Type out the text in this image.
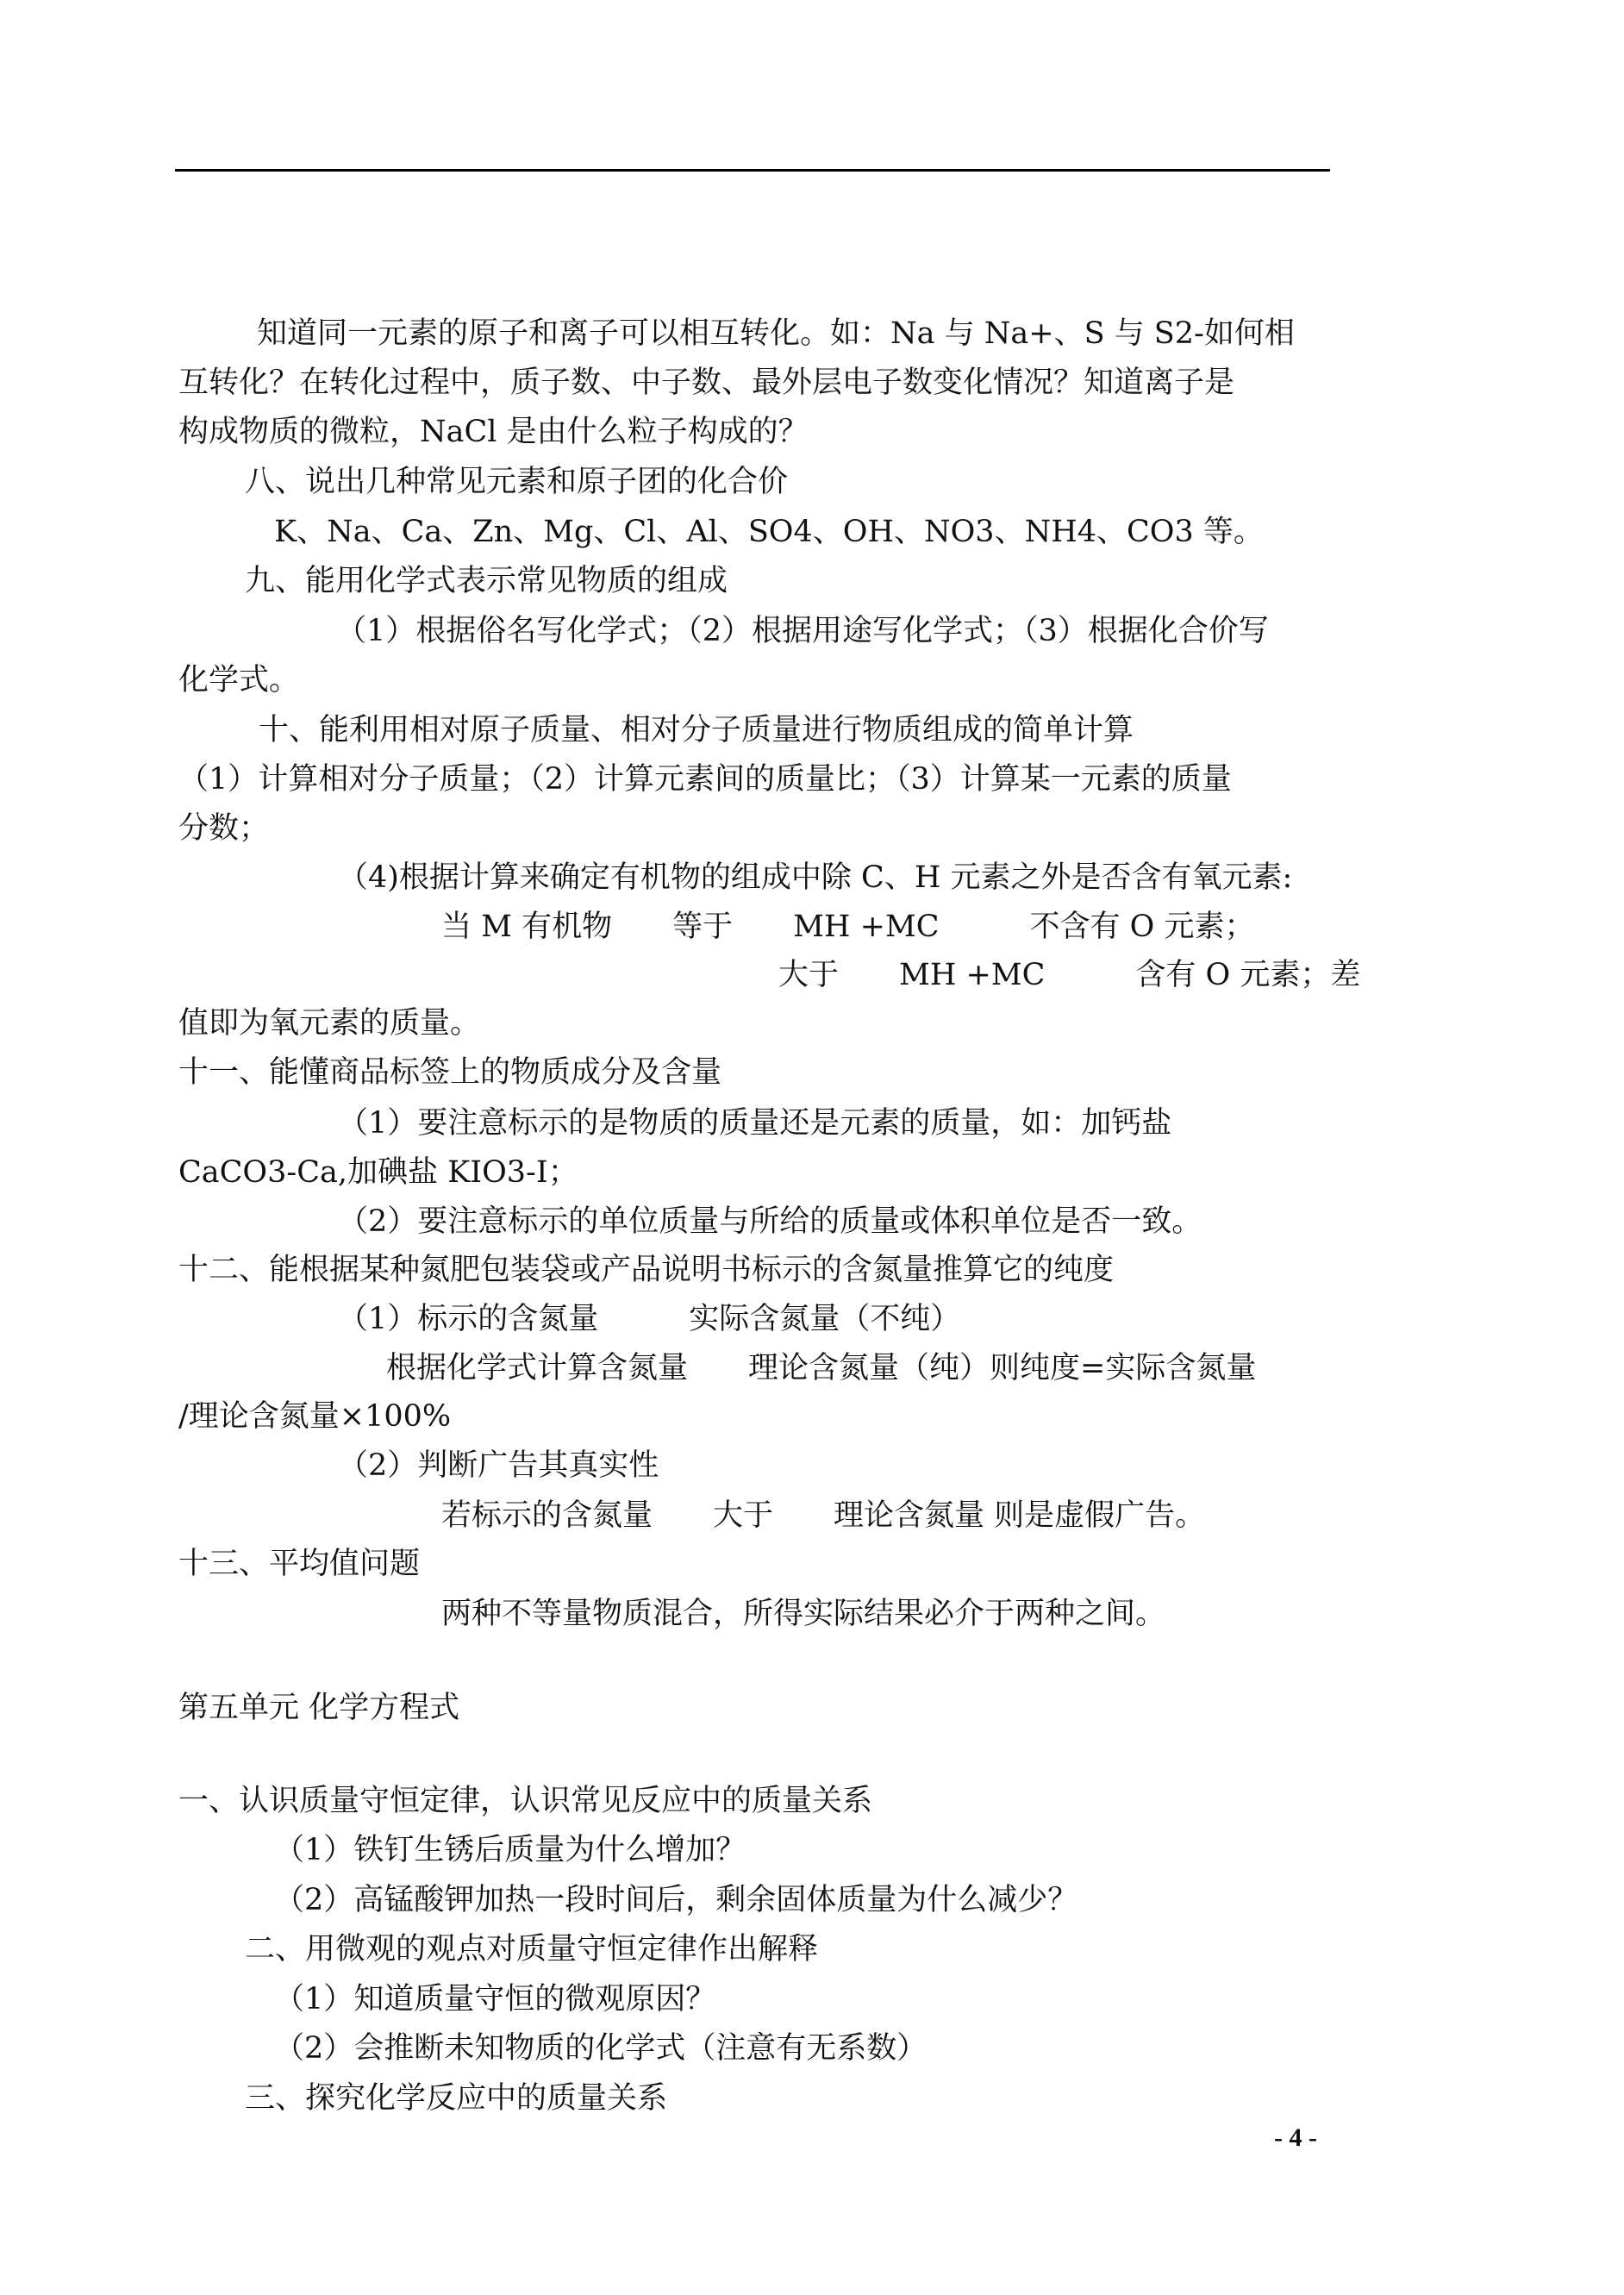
知道同一元素的原子和离子可以相互转化。如：Na 与 Na+、S 与 S2-如何相
互转化？在转化过程中，质子数、中子数、最外层电子数变化情况？知道离子是
构成物质的微粒，NaCl 是由什么粒子构成的？
八、说出几种常见元素和原子团的化合价
K、Na、Ca、Zn、Mg、Cl、Al、SO4、OH、NO3、NH4、CO3 等。
九、能用化学式表示常见物质的组成
（1）根据俗名写化学式；（2）根据用途写化学式；（3）根据化合价写
化学式。
十、能利用相对原子质量、相对分子质量进行物质组成的简单计算
（1）计算相对分子质量；（2）计算元素间的质量比；（3）计算某一元素的质量
分数；
（4)根据计算来确定有机物的组成中除 C、H 元素之外是否含有氧元素:
当 M 有机物　　等于　　MH +MC　　　不含有 O 元素；
大于　　MH +MC　　　含有 O 元素；差
值即为氧元素的质量。
十一、能懂商品标签上的物质成分及含量
（1）要注意标示的是物质的质量还是元素的质量，如：加钙盐
CaCO3-Ca,加碘盐 KIO3-I；
（2）要注意标示的单位质量与所给的质量或体积单位是否一致。
十二、能根据某种氮肥包装袋或产品说明书标示的含氮量推算它的纯度
（1）标示的含氮量　　　实际含氮量（不纯）
根据化学式计算含氮量　　理论含氮量（纯）则纯度=实际含氮量
/理论含氮量×100%
（2）判断广告其真实性
若标示的含氮量　　大于　　理论含氮量 则是虚假广告。
十三、平均值问题
两种不等量物质混合，所得实际结果必介于两种之间。
第五单元 化学方程式
一、认识质量守恒定律，认识常见反应中的质量关系
（1）铁钉生锈后质量为什么增加？
（2）高锰酸钾加热一段时间后，剩余固体质量为什么减少？
二、用微观的观点对质量守恒定律作出解释
（1）知道质量守恒的微观原因？
（2）会推断未知物质的化学式（注意有无系数）
三、探究化学反应中的质量关系
- 4 -
